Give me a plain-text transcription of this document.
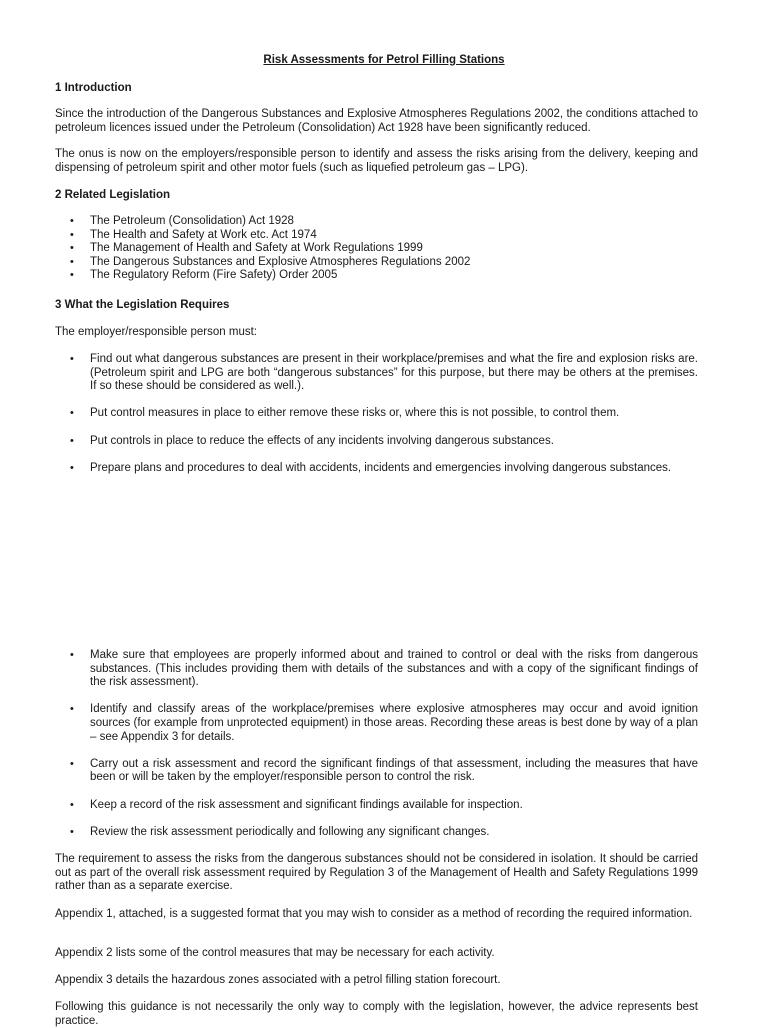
Risk Assessments for Petrol Filling Stations
1 Introduction

Since the introduction of the Dangerous Substances and Explosive Atmospheres Regulations 2002, the conditions attached to petroleum licences issued under the Petroleum (Consolidation) Act 1928 have been significantly reduced.

The onus is now on the employers/responsible person to identify and assess the risks arising from the delivery, keeping and dispensing of petroleum spirit and other motor fuels (such as liquefied petroleum gas – LPG).

2 Related Legislation
• The Petroleum (Consolidation) Act 1928
• The Health and Safety at Work etc. Act 1974
• The Management of Health and Safety at Work Regulations 1999
• The Dangerous Substances and Explosive Atmospheres Regulations 2002
• The Regulatory Reform (Fire Safety) Order 2005
3 What the Legislation Requires

The employer/responsible person must:

• Find out what dangerous substances are present in their workplace/premises and what the fire and explosion risks are. (Petroleum spirit and LPG are both “dangerous substances” for this purpose, but there may be others at the premises. If so these should be considered as well.).
• Put control measures in place to either remove these risks or, where this is not possible, to control them.
• Put controls in place to reduce the effects of any incidents involving dangerous substances.
• Prepare plans and procedures to deal with accidents, incidents and emergencies involving dangerous substances.
• Make sure that employees are properly informed about and trained to control or deal with the risks from dangerous substances. (This includes providing them with details of the substances and with a copy of the significant findings of the risk assessment).
• Identify and classify areas of the workplace/premises where explosive atmospheres may occur and avoid ignition sources (for example from unprotected equipment) in those areas. Recording these areas is best done by way of a plan – see Appendix 3 for details.
• Carry out a risk assessment and record the significant findings of that assessment, including the measures that have been or will be taken by the employer/responsible person to control the risk.
• Keep a record of the risk assessment and significant findings available for inspection.
• Review the risk assessment periodically and following any significant changes.

The requirement to assess the risks from the dangerous substances should not be considered in isolation. It should be carried out as part of the overall risk assessment required by Regulation 3 of the Management of Health and Safety Regulations 1999 rather than as a separate exercise.

Appendix 1, attached, is a suggested format that you may wish to consider as a method of recording the required information.

Appendix 2 lists some of the control measures that may be necessary for each activity.

Appendix 3 details the hazardous zones associated with a petrol filling station forecourt.

Following this guidance is not necessarily the only way to comply with the legislation, however, the advice represents best practice.
